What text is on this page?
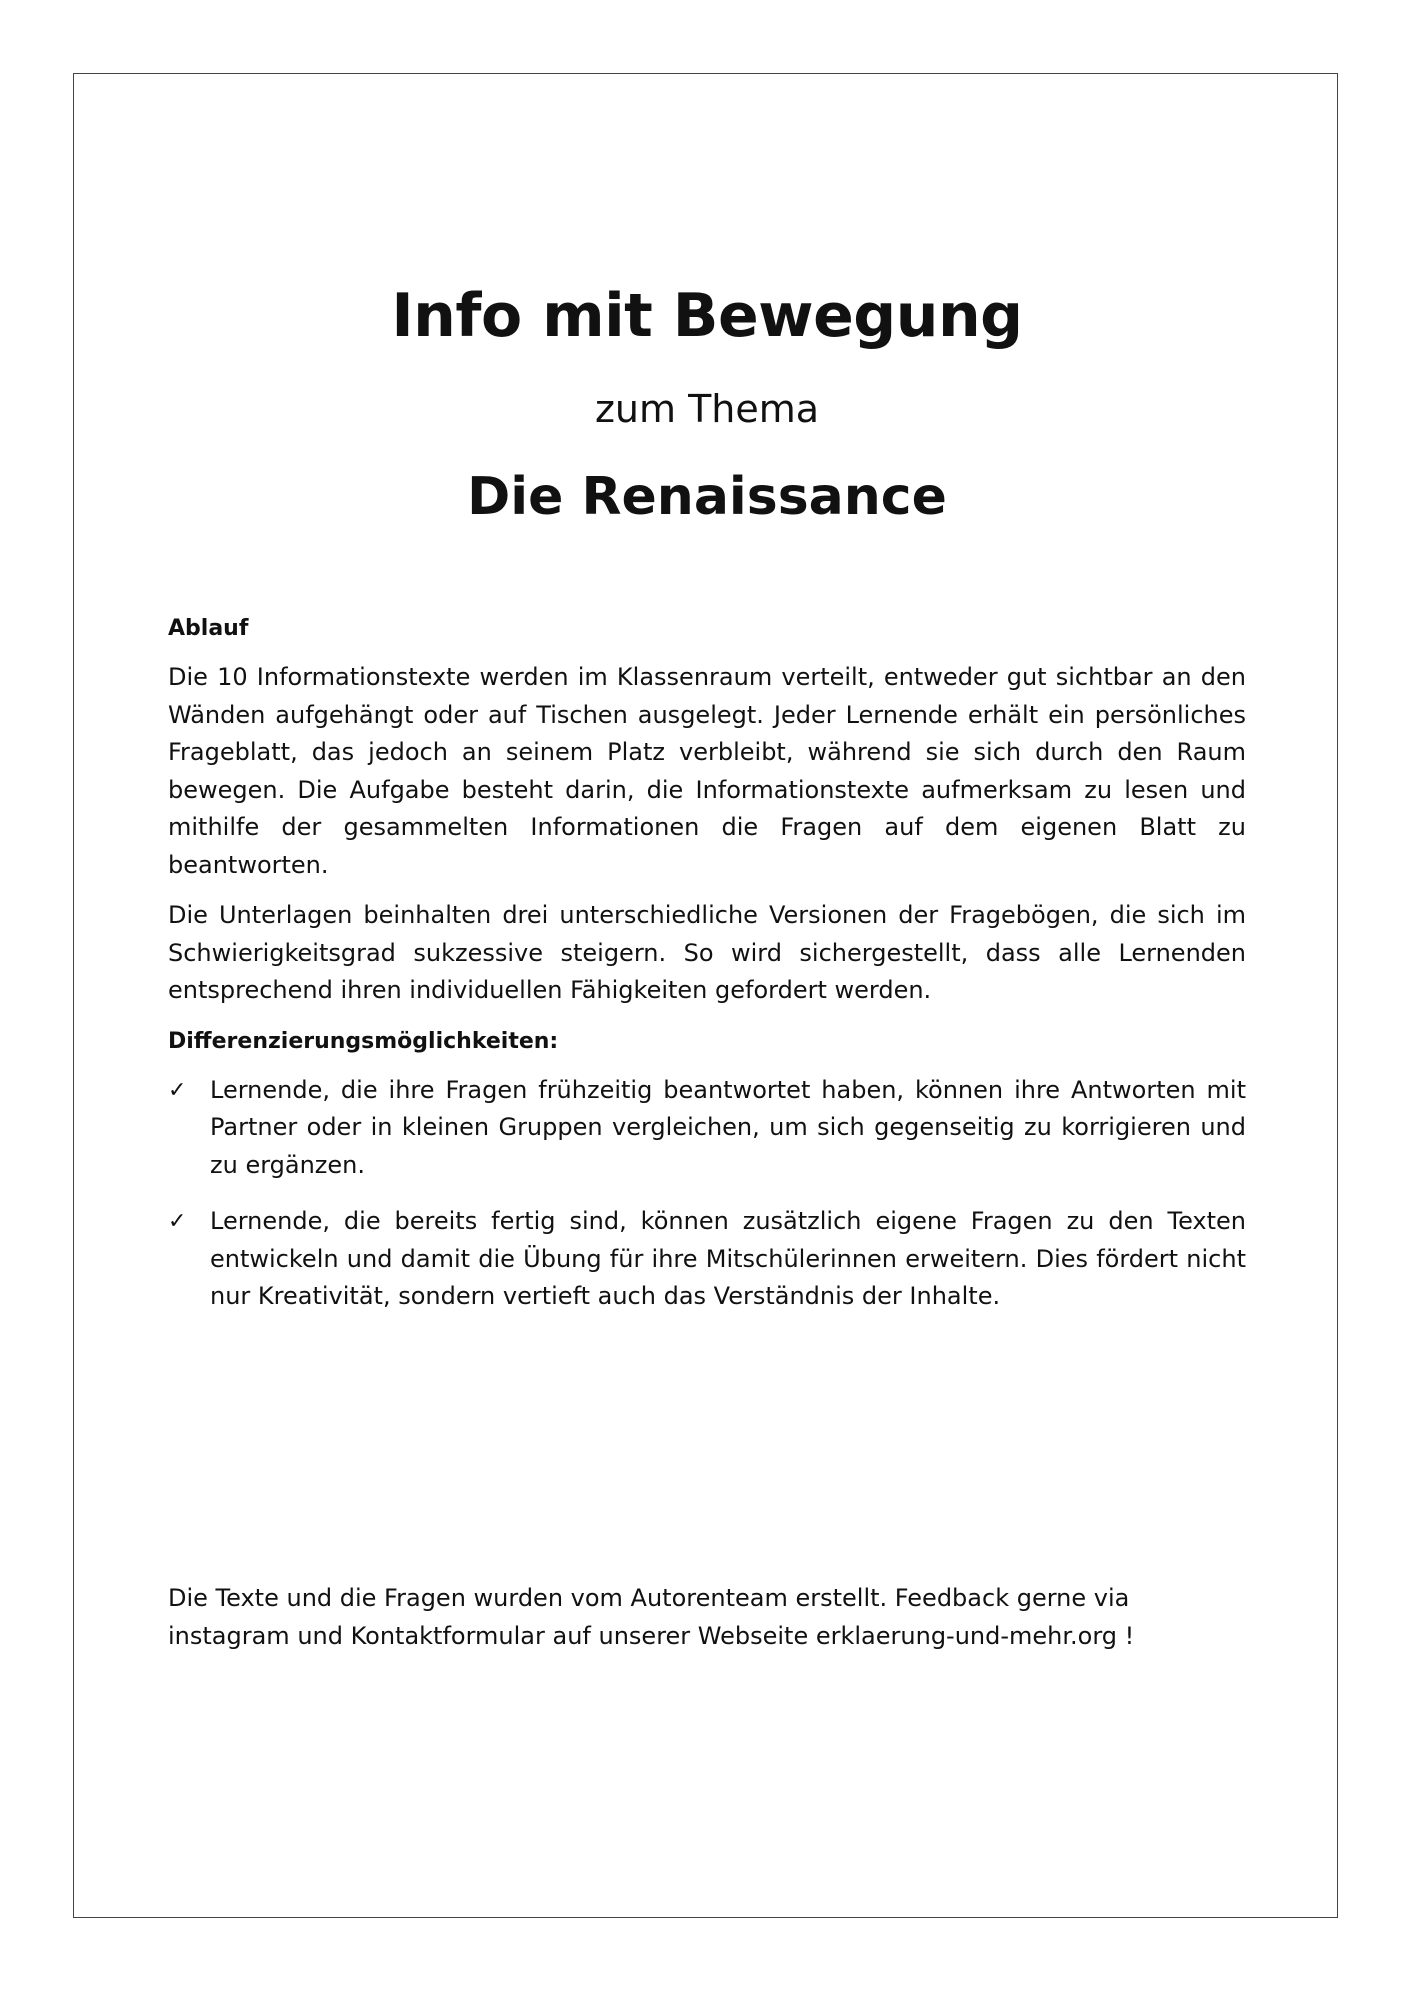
Info mit Bewegung

zum Thema

Die Renaissance
Ablauf

Die 10 Informationstexte werden im Klassenraum verteilt, entweder gut sichtbar an den Wänden aufgehängt oder auf Tischen ausgelegt. Jeder Lernende erhält ein persönliches Frageblatt, das jedoch an seinem Platz verbleibt, während sie sich durch den Raum bewegen. Die Aufgabe besteht darin, die Informationstexte aufmerksam zu lesen und mithilfe der gesammelten Informationen die Fragen auf dem eigenen Blatt zu beantworten.

Die Unterlagen beinhalten drei unterschiedliche Versionen der Fragebögen, die sich im Schwierigkeitsgrad sukzessive steigern. So wird sichergestellt, dass alle Lernenden entsprechend ihren individuellen Fähigkeiten gefordert werden.

Differenzierungsmöglichkeiten:
✓ Lernende, die ihre Fragen frühzeitig beantwortet haben, können ihre Antworten mit Partner oder in kleinen Gruppen vergleichen, um sich gegenseitig zu korrigieren und zu ergänzen.
✓ Lernende, die bereits fertig sind, können zusätzlich eigene Fragen zu den Texten entwickeln und damit die Übung für ihre Mitschülerinnen erweitern. Dies fördert nicht nur Kreativität, sondern vertieft auch das Verständnis der Inhalte.

Die Texte und die Fragen wurden vom Autorenteam erstellt. Feedback gerne via
instagram und Kontaktformular auf unserer Webseite erklaerung-und-mehr.org !
